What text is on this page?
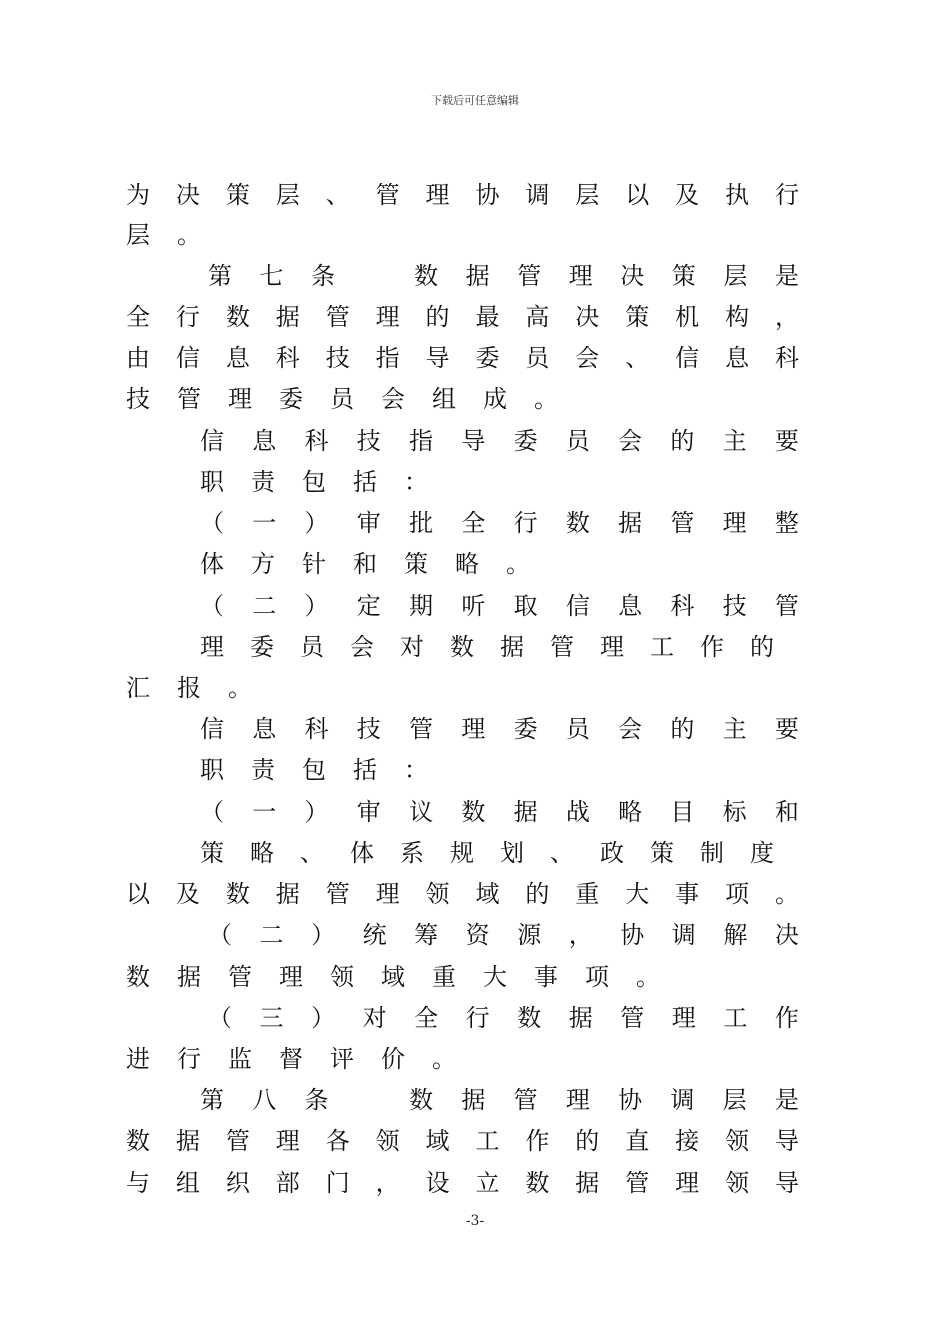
下载后可任意编辑
为 决 策 层 、 管 理 协 调 层 以 及 执 行
层 。
第 七 条
　	数 据 管 理 决 策 层 是
全 行 数 据 管 理 的 最 高 决 策 机 构 ，
由 信 息 科 技 指 导 委 员 会 、 信 息 科
技 管 理 委 员 会 组 成 。
信 息 科 技 指 导 委 员 会 的 主 要
职 责 包 括 ：
（ 一 ） 审 批 全 行 数 据 管 理 整
体 方 针 和 策 略 。
（ 二 ） 定 期 听 取 信 息 科 技 管
理 委 员 会 对 数 据 管 理 工 作 的
汇 报 。
信 息 科 技 管 理 委 员 会 的 主 要
职 责 包 括 ：
（ 一 ） 审 议 数 据 战 略 目 标 和
策 略 、 体 系 规 划 、 政 策 制 度
以 及 数 据 管 理 领 域 的 重 大 事 项 。
（ 二 ） 统 筹 资 源 ， 协 调 解 决
数 据 管 理 领 域 重 大 事 项 。
（ 三 ） 对 全 行 数 据 管 理 工 作
进 行 监 督 评 价 。
第 八 条
　	数 据 管 理 协 调 层 是
数 据 管 理 各 领 域 工 作 的 直 接 领 导
与 组 织 部 门 ， 设 立 数 据 管 理 领 导
-3-
